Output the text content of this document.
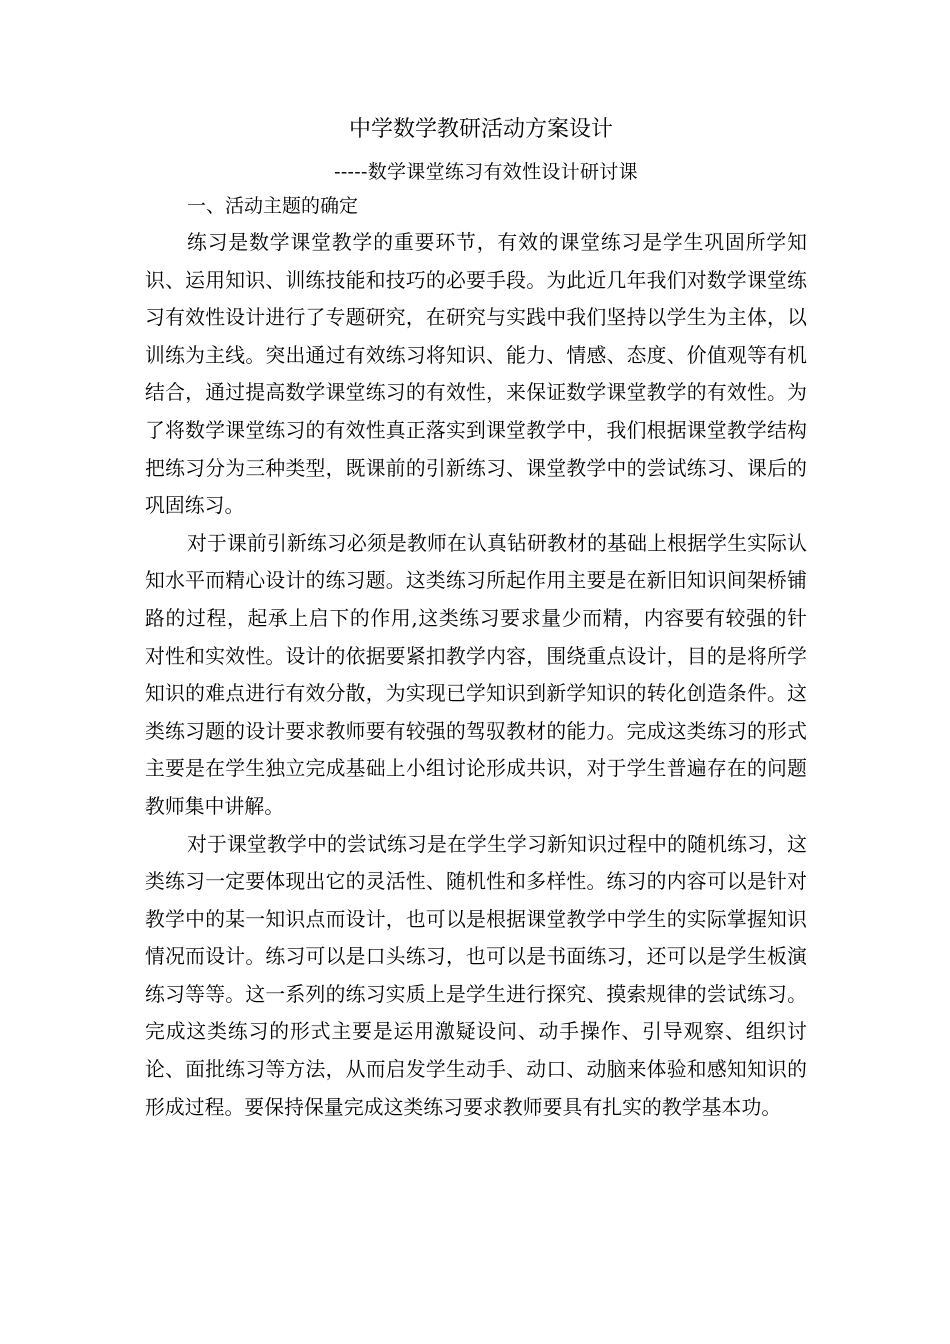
中学数学教研活动方案设计

-----数学课堂练习有效性设计研讨课

一、活动主题的确定

练习是数学课堂教学的重要环节，有效的课堂练习是学生巩固所学知识、运用知识、训练技能和技巧的必要手段。为此近几年我们对数学课堂练习有效性设计进行了专题研究，在研究与实践中我们坚持以学生为主体，以训练为主线。突出通过有效练习将知识、能力、情感、态度、价值观等有机结合，通过提高数学课堂练习的有效性，来保证数学课堂教学的有效性。为了将数学课堂练习的有效性真正落实到课堂教学中，我们根据课堂教学结构把练习分为三种类型，既课前的引新练习、课堂教学中的尝试练习、课后的巩固练习。

对于课前引新练习必须是教师在认真钻研教材的基础上根据学生实际认知水平而精心设计的练习题。这类练习所起作用主要是在新旧知识间架桥铺路的过程，起承上启下的作用,这类练习要求量少而精，内容要有较强的针对性和实效性。设计的依据要紧扣教学内容，围绕重点设计，目的是将所学知识的难点进行有效分散，为实现已学知识到新学知识的转化创造条件。这类练习题的设计要求教师要有较强的驾驭教材的能力。完成这类练习的形式主要是在学生独立完成基础上小组讨论形成共识，对于学生普遍存在的问题教师集中讲解。

对于课堂教学中的尝试练习是在学生学习新知识过程中的随机练习，这类练习一定要体现出它的灵活性、随机性和多样性。练习的内容可以是针对教学中的某一知识点而设计，也可以是根据课堂教学中学生的实际掌握知识情况而设计。练习可以是口头练习，也可以是书面练习，还可以是学生板演练习等等。这一系列的练习实质上是学生进行探究、摸索规律的尝试练习。完成这类练习的形式主要是运用激疑设问、动手操作、引导观察、组织讨论、面批练习等方法，从而启发学生动手、动口、动脑来体验和感知知识的形成过程。要保持保量完成这类练习要求教师要具有扎实的教学基本功。
